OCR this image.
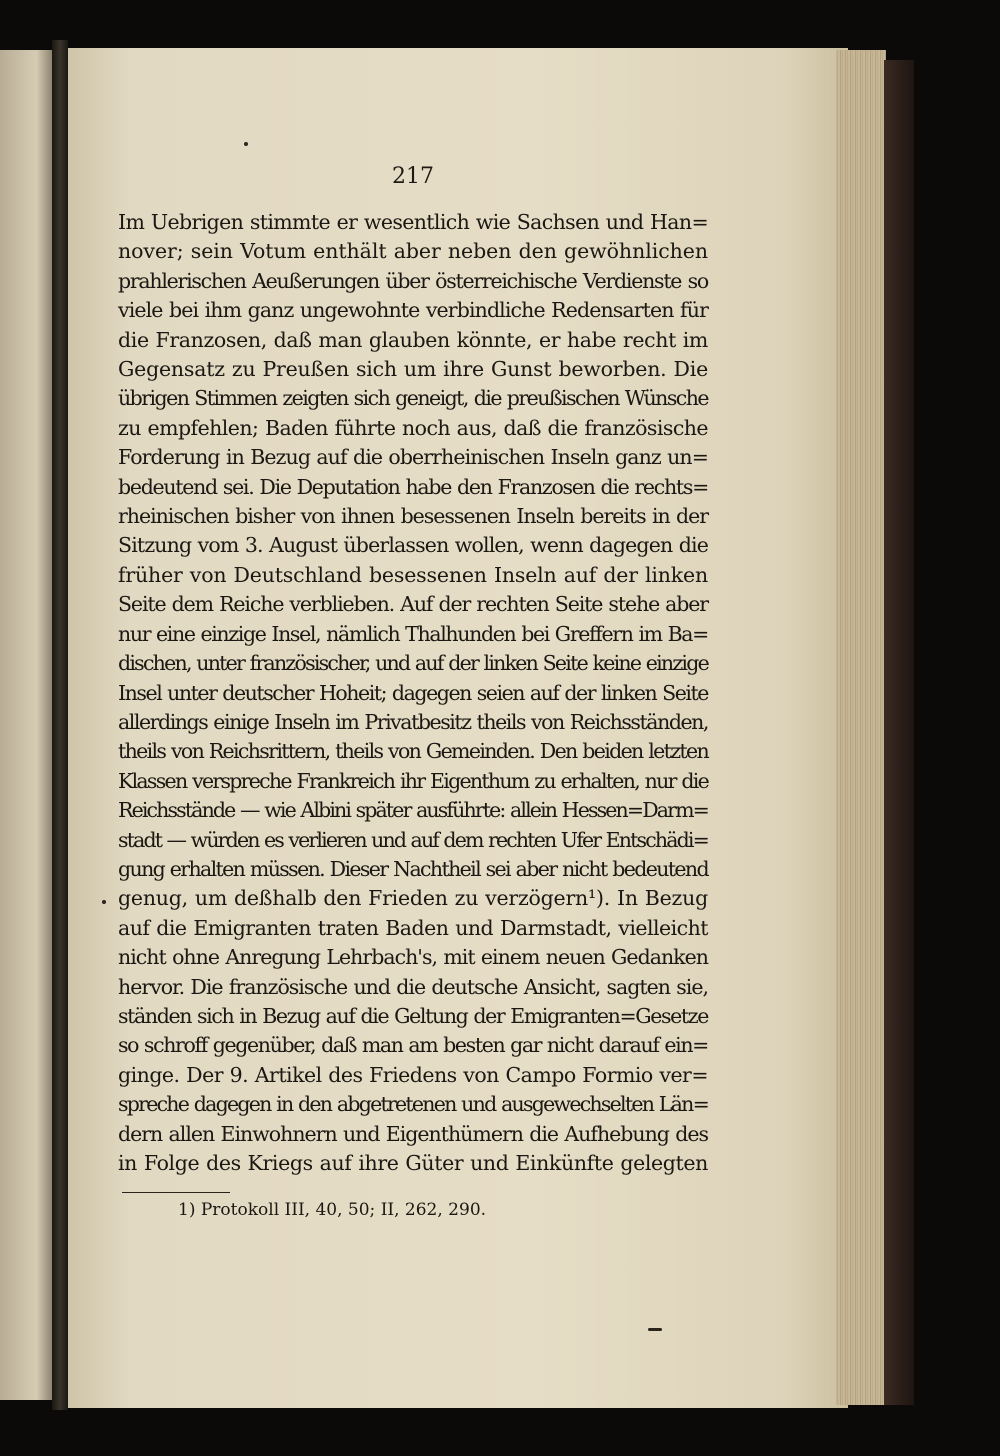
217
Im Uebrigen stimmte er wesentlich wie Sachsen und Han=
nover; sein Votum enthält aber neben den gewöhnlichen
prahlerischen Aeußerungen über österreichische Verdienste so
viele bei ihm ganz ungewohnte verbindliche Redensarten für
die Franzosen, daß man glauben könnte, er habe recht im
Gegensatz zu Preußen sich um ihre Gunst beworben. Die
übrigen Stimmen zeigten sich geneigt, die preußischen Wünsche
zu empfehlen; Baden führte noch aus, daß die französische
Forderung in Bezug auf die oberrheinischen Inseln ganz un=
bedeutend sei. Die Deputation habe den Franzosen die rechts=
rheinischen bisher von ihnen besessenen Inseln bereits in der
Sitzung vom 3. August überlassen wollen, wenn dagegen die
früher von Deutschland besessenen Inseln auf der linken
Seite dem Reiche verblieben. Auf der rechten Seite stehe aber
nur eine einzige Insel, nämlich Thalhunden bei Greffern im Ba=
dischen, unter französischer, und auf der linken Seite keine einzige
Insel unter deutscher Hoheit; dagegen seien auf der linken Seite
allerdings einige Inseln im Privatbesitz theils von Reichsständen,
theils von Reichsrittern, theils von Gemeinden. Den beiden letzten
Klassen verspreche Frankreich ihr Eigenthum zu erhalten, nur die
Reichsstände — wie Albini später ausführte: allein Hessen=Darm=
stadt — würden es verlieren und auf dem rechten Ufer Entschädi=
gung erhalten müssen. Dieser Nachtheil sei aber nicht bedeutend
genug, um deßhalb den Frieden zu verzögern¹). In Bezug
auf die Emigranten traten Baden und Darmstadt, vielleicht
nicht ohne Anregung Lehrbach's, mit einem neuen Gedanken
hervor. Die französische und die deutsche Ansicht, sagten sie,
ständen sich in Bezug auf die Geltung der Emigranten=Gesetze
so schroff gegenüber, daß man am besten gar nicht darauf ein=
ginge. Der 9. Artikel des Friedens von Campo Formio ver=
spreche dagegen in den abgetretenen und ausgewechselten Län=
dern allen Einwohnern und Eigenthümern die Aufhebung des
in Folge des Kriegs auf ihre Güter und Einkünfte gelegten
1) Protokoll III, 40, 50; II, 262, 290.
